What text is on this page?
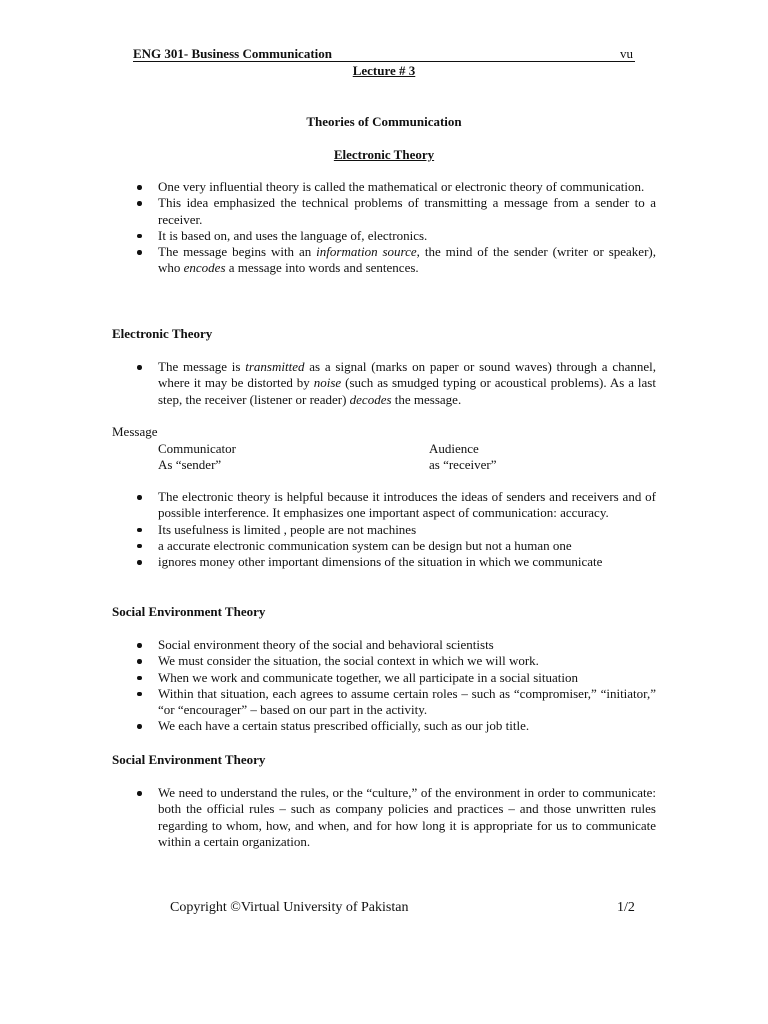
ENG 301- Business Communication	vu
Lecture # 3
Theories of Communication
Electronic Theory
One very influential theory is called the mathematical or electronic theory of communication.
This idea emphasized the technical problems of transmitting a message from a sender to a receiver.
It is based on, and uses the language of, electronics.
The message begins with an information source, the mind of the sender (writer or speaker), who encodes a message into words and sentences.
Electronic Theory
The message is transmitted as a signal (marks on paper or sound waves) through a channel, where it may be distorted by noise (such as smudged typing or acoustical problems). As a last step, the receiver (listener or reader) decodes the message.
Message
Communicator
As “sender”
Audience
as “receiver”
The electronic theory is helpful because it introduces the ideas of senders and receivers and of possible interference. It emphasizes one important aspect of communication: accuracy.
Its usefulness is limited , people are not machines
a accurate electronic communication system can be design but not a human one
ignores money other important dimensions of the situation in which we communicate
Social Environment Theory
Social environment theory of the social and behavioral scientists
We must consider the situation, the social context in which we will work.
When we work and communicate together, we all participate in a social situation
Within that situation, each agrees to assume certain roles – such as “compromiser,” “initiator,” “or “encourager” – based on our part in the activity.
We each have a certain status prescribed officially, such as our job title.
Social Environment Theory
We need to understand the rules, or the “culture,” of the environment in order to communicate: both the official rules – such as company policies and practices – and those unwritten rules regarding to whom, how, and when, and for how long it is appropriate for us to communicate within a certain organization.
Copyright ©Virtual University of Pakistan	1/2
